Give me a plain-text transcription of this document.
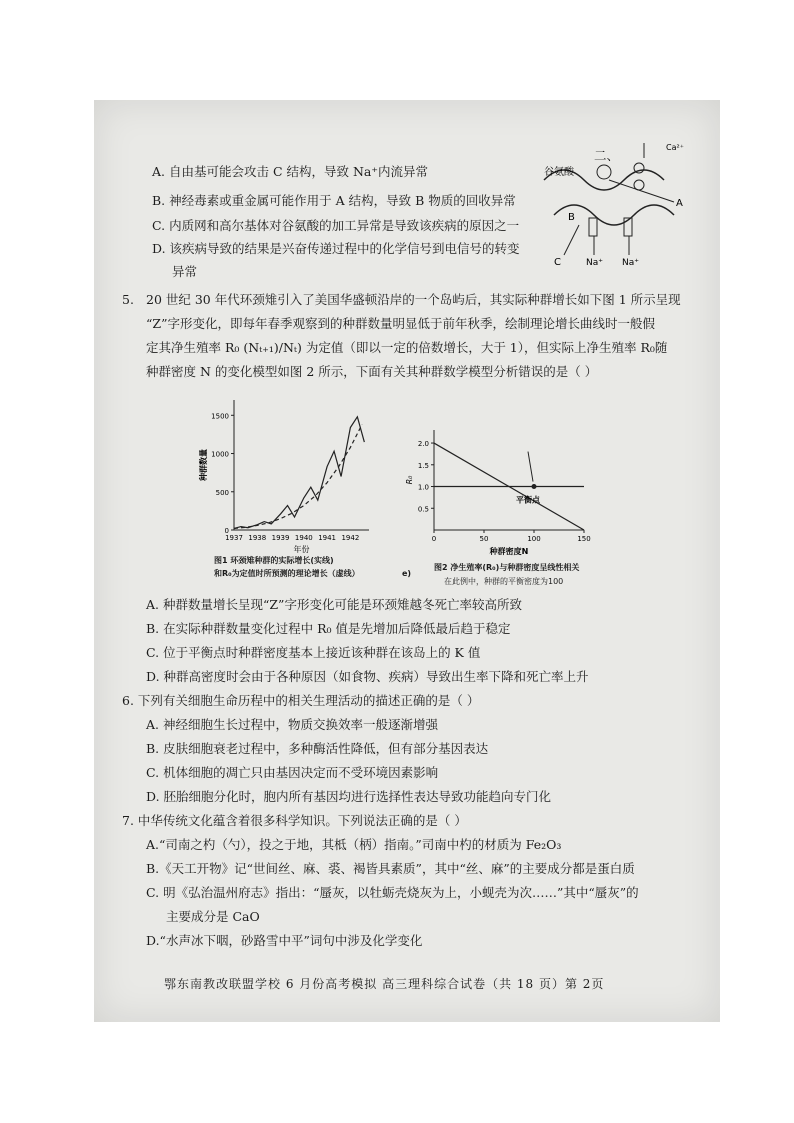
二、
A. 自由基可能会攻击 C 结构，导致 Na⁺内流异常
B. 神经毒素或重金属可能作用于 A 结构，导致 B 物质的回收异常
C. 内质网和高尔基体对谷氨酸的加工异常是导致该疾病的原因之一
D. 该疾病导致的结果是兴奋传递过程中的化学信号到电信号的转变
异常
谷氨酸
Ca²⁺
A
B
C	Na⁺ Na⁺
5. 20 世纪 30 年代环颈雉引入了美国华盛顿沿岸的一个岛屿后，其实际种群增长如下图 1 所示呈现
“Z”字形变化，即每年春季观察到的种群数量明显低于前年秋季，绘制理论增长曲线时一般假
定其净生殖率 R₀ (Nₜ₊₁)/Nₜ) 为定值（即以一定的倍数增长，大于 1），但实际上净生殖率 R₀随
种群密度 N 的变化模型如图 2 所示，下面有关其种群数学模型分析错误的是（ ）
0
500
1000
1500
1937 1938 1939 1940 1941 1942
年份
种群数量
图1 环颈雉种群的实际增长(实线)
和R₀为定值时所预测的理论增长（虚线）	e)
0.5
1.0
1.5
2.0
0	50	100	150
种群密度N
R₀
平衡点
图2 净生殖率(R₀)与种群密度呈线性相关
在此例中，种群的平衡密度为100
A. 种群数量增长呈现“Z”字形变化可能是环颈雉越冬死亡率较高所致
B. 在实际种群数量变化过程中 R₀ 值是先增加后降低最后趋于稳定
C. 位于平衡点时种群密度基本上接近该种群在该岛上的 K 值
D. 种群高密度时会由于各种原因（如食物、疾病）导致出生率下降和死亡率上升
6. 下列有关细胞生命历程中的相关生理活动的描述正确的是（ ）
A. 神经细胞生长过程中，物质交换效率一般逐渐增强
B. 皮肤细胞衰老过程中，多种酶活性降低，但有部分基因表达
C. 机体细胞的凋亡只由基因决定而不受环境因素影响
D. 胚胎细胞分化时，胞内所有基因均进行选择性表达导致功能趋向专门化
7. 中华传统文化蕴含着很多科学知识。下列说法正确的是（ ）
A.“司南之杓（勺），投之于地，其柢（柄）指南。”司南中杓的材质为 Fe₂O₃
B.《天工开物》记“世间丝、麻、裘、褐皆具素质”，其中“丝、麻”的主要成分都是蛋白质
C. 明《弘治温州府志》指出：“蜃灰，以牡蛎壳烧灰为上，小蚬壳为次……”其中“蜃灰”的
主要成分是 CaO
D.“水声冰下咽，砂路雪中平”词句中涉及化学变化
鄂东南教改联盟学校 6 月份高考模拟 高三理科综合试卷（共 18 页）第 2页
